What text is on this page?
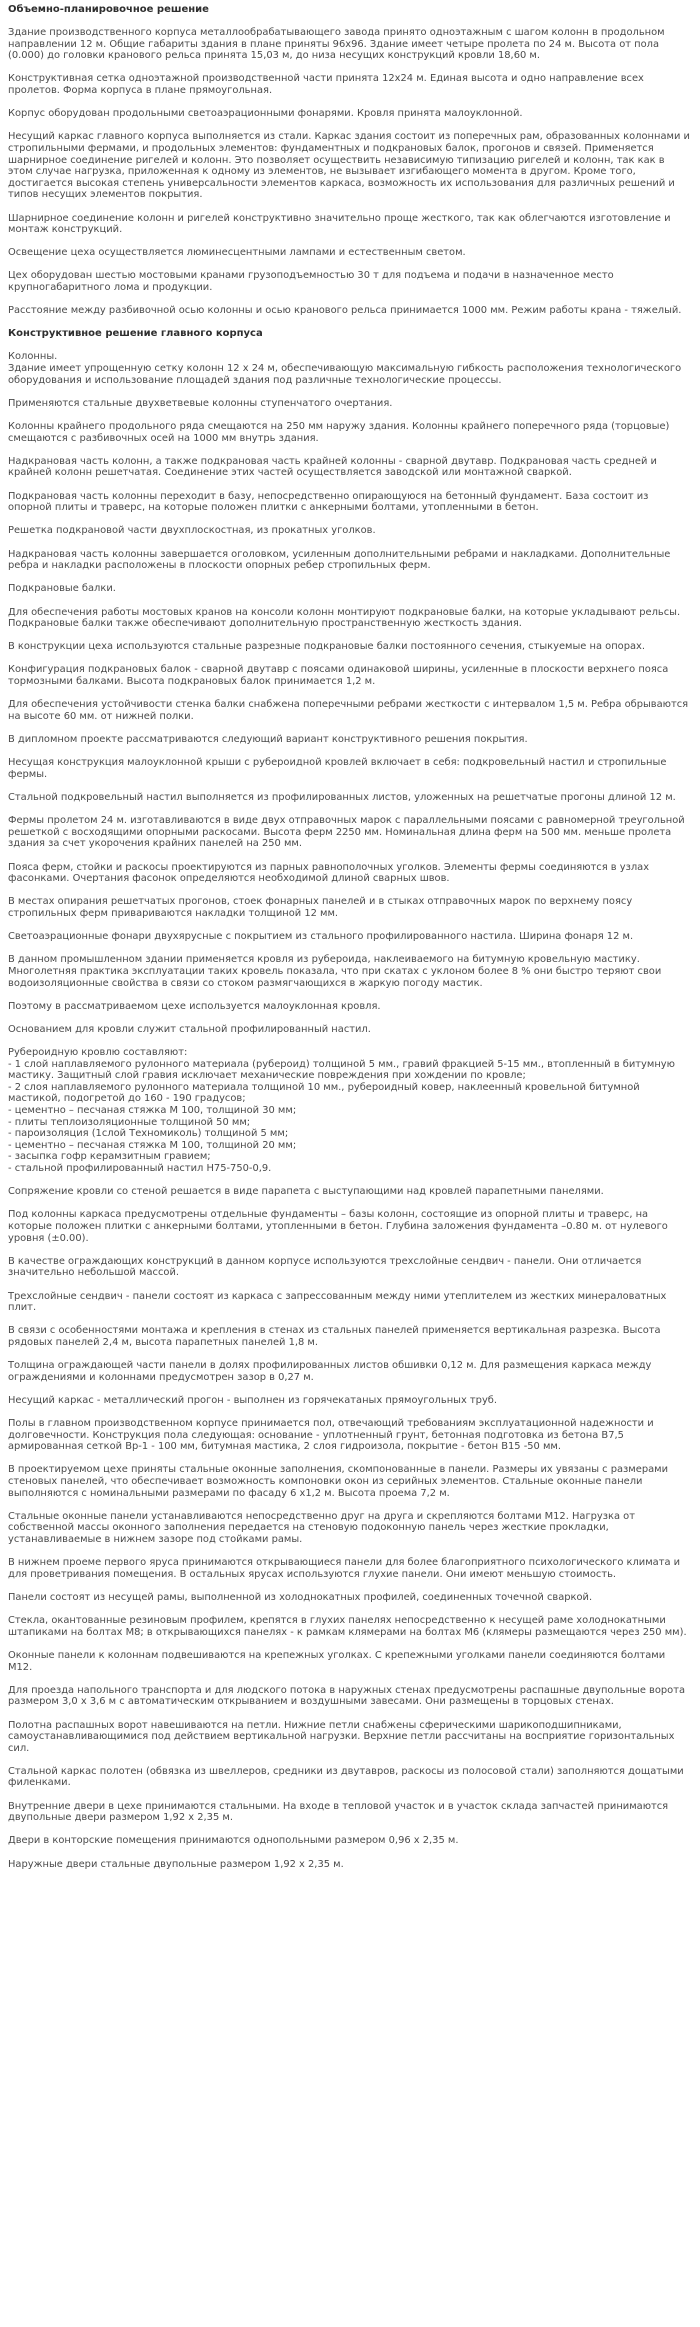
Объемно-планировочное решение

Здание производственного корпуса металлообрабатывающего завода принято одноэтажным с шагом колонн в продольном направлении 12 м. Общие габариты здания в плане приняты 96х96. Здание имеет четыре пролета по 24 м. Высота от пола (0.000) до головки кранового рельса принята 15,03 м, до низа несущих конструкций кровли 18,60 м.

Конструктивная сетка одноэтажной производственной части принята 12х24 м. Единая высота и одно направление всех пролетов. Форма корпуса в плане прямоугольная.

Корпус оборудован продольными светоаэрационными фонарями. Кровля принята малоуклонной.

Несущий каркас главного корпуса выполняется из стали. Каркас здания состоит из поперечных рам, образованных колоннами и стропильными фермами, и продольных элементов: фундаментных и подкрановых балок, прогонов и связей. Применяется шарнирное соединение ригелей и колонн. Это позволяет осуществить независимую типизацию ригелей и колонн, так как в этом случае нагрузка, приложенная к одному из элементов, не вызывает изгибающего момента в другом. Кроме того, достигается высокая степень универсальности элементов каркаса, возможность их использования для различных решений и типов несущих элементов покрытия.

Шарнирное соединение колонн и ригелей конструктивно значительно проще жесткого, так как облегчаются изготовление и монтаж конструкций.

Освещение цеха осуществляется люминесцентными лампами и естественным светом.

Цех оборудован шестью мостовыми кранами грузоподъемностью 30 т для подъема и подачи в назначенное место крупногабаритного лома и продукции.

Расстояние между разбивочной осью колонны и осью кранового рельса принимается 1000 мм. Режим работы крана - тяжелый.

Конструктивное решение главного корпуса

Колонны.
Здание имеет упрощенную сетку колонн 12 х 24 м, обеспечивающую максимальную гибкость расположения технологического оборудования и использование площадей здания под различные технологические процессы.

Применяются стальные двухветвевые колонны ступенчатого очертания.

Колонны крайнего продольного ряда смещаются на 250 мм наружу здания. Колонны крайнего поперечного ряда (торцовые) смещаются с разбивочных осей на 1000 мм внутрь здания.

Надкрановая часть колонн, а также подкрановая часть крайней колонны - сварной двутавр. Подкрановая часть средней и крайней колонн решетчатая. Соединение этих частей осуществляется заводской или монтажной сваркой.

Подкрановая часть колонны переходит в базу, непосредственно опирающуюся на бетонный фундамент. База состоит из опорной плиты и траверс, на которые положен плитки с анкерными болтами, утопленными в бетон.

Решетка подкрановой части двухплоскостная, из прокатных уголков.

Надкрановая часть колонны завершается оголовком, усиленным дополнительными ребрами и накладками. Дополнительные ребра и накладки расположены в плоскости опорных ребер стропильных ферм.

Подкрановые балки.

Для обеспечения работы мостовых кранов на консоли колонн монтируют подкрановые балки, на которые укладывают рельсы. Подкрановые балки также обеспечивают дополнительную пространственную жесткость здания.

В конструкции цеха используются стальные разрезные подкрановые балки постоянного сечения, стыкуемые на опорах.

Конфигурация подкрановых балок - сварной двутавр с поясами одинаковой ширины, усиленные в плоскости верхнего пояса тормозными балками. Высота подкрановых балок принимается 1,2 м.

Для обеспечения устойчивости стенка балки снабжена поперечными ребрами жесткости с интервалом 1,5 м. Ребра обрываются на высоте 60 мм. от нижней полки.

В дипломном проекте рассматриваются следующий вариант конструктивного решения покрытия.

Несущая конструкция малоуклонной крыши с рубероидной кровлей включает в себя: подкровельный настил и стропильные фермы.

Стальной подкровельный настил выполняется из профилированных листов, уложенных на решетчатые прогоны длиной 12 м.

Фермы пролетом 24 м. изготавливаются в виде двух отправочных марок с параллельными поясами с равномерной треугольной решеткой с восходящими опорными раскосами. Высота ферм 2250 мм. Номинальная длина ферм на 500 мм. меньше пролета здания за счет укорочения крайних панелей на 250 мм.

Пояса ферм, стойки и раскосы проектируются из парных равнополочных уголков. Элементы фермы соединяются в узлах фасонками. Очертания фасонок определяются необходимой длиной сварных швов.

В местах опирания решетчатых прогонов, стоек фонарных панелей и в стыках отправочных марок по верхнему поясу стропильных ферм привариваются накладки толщиной 12 мм.

Светоаэрационные фонари двухярусные с покрытием из стального профилированного настила. Ширина фонаря 12 м.

В данном промышленном здании применяется кровля из рубероида, наклеиваемого на битумную кровельную мастику. Многолетняя практика эксплуатации таких кровель показала, что при скатах с уклоном более 8 % они быстро теряют свои водоизоляционные свойства в связи со стоком размягчающихся в жаркую погоду мастик.

Поэтому в рассматриваемом цехе используется малоуклонная кровля.

Основанием для кровли служит стальной профилированный настил.

Рубероидную кровлю составляют:
- 1 слой наплавляемого рулонного материала (рубероид) толщиной 5 мм., гравий фракцией 5-15 мм., втопленный в битумную мастику. Защитный слой гравия исключает механические повреждения при хождении по кровле;
- 2 слоя наплавляемого рулонного материала толщиной 10 мм., рубероидный ковер, наклеенный кровельной битумной мастикой, подогретой до 160 - 190 градусов;
- цементно – песчаная стяжка М 100, толщиной 30 мм;
- плиты теплоизоляционные толщиной 50 мм;
- пароизоляция (1слой Техномиколь) толщиной 5 мм;
- цементно – песчаная стяжка М 100, толщиной 20 мм;
- засыпка гофр керамзитным гравием;
- стальной профилированный настил Н75-750-0,9.

Сопряжение кровли со стеной решается в виде парапета с выступающими над кровлей парапетными панелями.

Под колонны каркаса предусмотрены отдельные фундаменты – базы колонн, состоящие из опорной плиты и траверс, на которые положен плитки с анкерными болтами, утопленными в бетон. Глубина заложения фундамента –0.80 м. от нулевого уровня (±0.00).

В качестве ограждающих конструкций в данном корпусе используются трехслойные сендвич - панели. Они отличается значительно небольшой массой.

Трехслойные сендвич - панели состоят из каркаса с запрессованным между ними утеплителем из жестких минераловатных плит.

В связи с особенностями монтажа и крепления в стенах из стальных панелей применяется вертикальная разрезка. Высота рядовых панелей 2,4 м, высота парапетных панелей 1,8 м.

Толщина ограждающей части панели в долях профилированных листов обшивки 0,12 м. Для размещения каркаса между ограждениями и колоннами предусмотрен зазор в 0,27 м.

Несущий каркас - металлический прогон - выполнен из горячекатаных прямоугольных труб.

Полы в главном производственном корпусе принимается пол, отвечающий требованиям эксплуатационной надежности и долговечности. Конструкция пола следующая: основание - уплотненный грунт, бетонная подготовка из бетона В7,5 армированная сеткой Вр-1 - 100 мм, битумная мастика, 2 слоя гидроизола, покрытие - бетон В15 -50 мм.

В проектируемом цехе приняты стальные оконные заполнения, скомпонованные в панели. Размеры их увязаны с размерами стеновых панелей, что обеспечивает возможность компоновки окон из серийных элементов. Стальные оконные панели выполняются с номинальными размерами по фасаду 6 х1,2 м. Высота проема 7,2 м.

Стальные оконные панели устанавливаются непосредственно друг на друга и скрепляются болтами М12. Нагрузка от собственной массы оконного заполнения передается на стеновую подоконную панель через жесткие прокладки, устанавливаемые в нижнем зазоре под стойками рамы.

В нижнем проеме первого яруса принимаются открывающиеся панели для более благоприятного психологического климата и для проветривания помещения. В остальных ярусах используются глухие панели. Они имеют меньшую стоимость.

Панели состоят из несущей рамы, выполненной из холоднокатных профилей, соединенных точечной сваркой.

Стекла, окантованные резиновым профилем, крепятся в глухих панелях непосредственно к несущей раме холоднокатными штапиками на болтах М8; в открывающихся панелях - к рамкам клямерами на болтах М6 (клямеры размещаются через 250 мм).

Оконные панели к колоннам подвешиваются на крепежных уголках. С крепежными уголками панели соединяются болтами М12.

Для проезда напольного транспорта и для людского потока в наружных стенах предусмотрены распашные двупольные ворота размером 3,0 х 3,6 м с автоматическим открыванием и воздушными завесами. Они размещены в торцовых стенах.

Полотна распашных ворот навешиваются на петли. Нижние петли снабжены сферическими шарикоподшипниками, самоустанавливающимися под действием вертикальной нагрузки. Верхние петли рассчитаны на восприятие горизонтальных сил.

Стальной каркас полотен (обвязка из швеллеров, средники из двутавров, раскосы из полосовой стали) заполняются дощатыми филенками.

Внутренние двери в цехе принимаются стальными. На входе в тепловой участок и в участок склада запчастей принимаются двупольные двери размером 1,92 х 2,35 м.

Двери в конторские помещения принимаются однопольными размером 0,96 х 2,35 м.

Наружные двери стальные двупольные размером 1,92 х 2,35 м.
